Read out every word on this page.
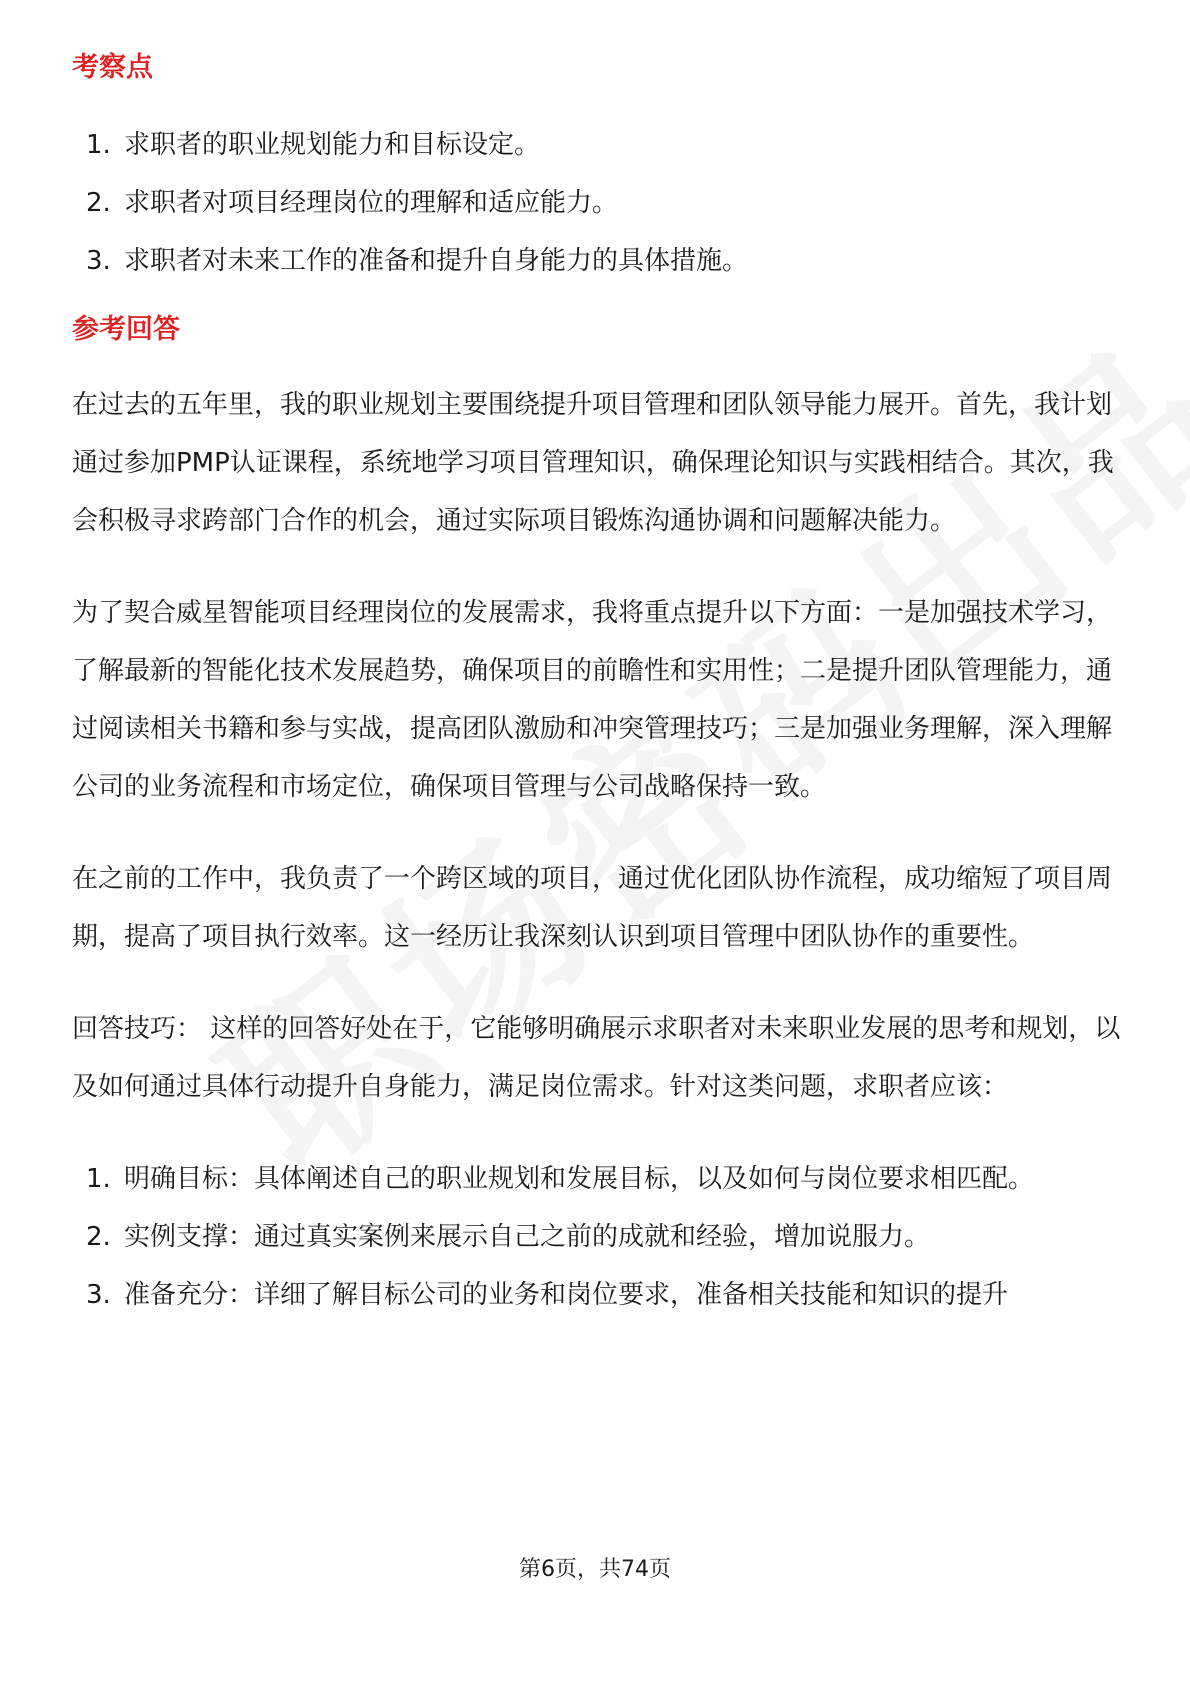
考察点
1. 求职者的职业规划能力和目标设定。
2. 求职者对项目经理岗位的理解和适应能力。
3. 求职者对未来工作的准备和提升自身能力的具体措施。
参考回答

在过去的五年里，我的职业规划主要围绕提升项目管理和团队领导能力展开。首先，我计划通过参加PMP认证课程，系统地学习项目管理知识，确保理论知识与实践相结合。其次，我会积极寻求跨部门合作的机会，通过实际项目锻炼沟通协调和问题解决能力。

为了契合威星智能项目经理岗位的发展需求，我将重点提升以下方面：一是加强技术学习，了解最新的智能化技术发展趋势，确保项目的前瞻性和实用性；二是提升团队管理能力，通过阅读相关书籍和参与实战，提高团队激励和冲突管理技巧；三是加强业务理解，深入理解公司的业务流程和市场定位，确保项目管理与公司战略保持一致。

在之前的工作中，我负责了一个跨区域的项目，通过优化团队协作流程，成功缩短了项目周期，提高了项目执行效率。这一经历让我深刻认识到项目管理中团队协作的重要性。

回答技巧： 这样的回答好处在于，它能够明确展示求职者对未来职业发展的思考和规划，以及如何通过具体行动提升自身能力，满足岗位需求。针对这类问题，求职者应该：

1. 明确目标：具体阐述自己的职业规划和发展目标，以及如何与岗位要求相匹配。
2. 实例支撑：通过真实案例来展示自己之前的成就和经验，增加说服力。
3. 准备充分：详细了解目标公司的业务和岗位要求，准备相关技能和知识的提升
第6页，共74页
